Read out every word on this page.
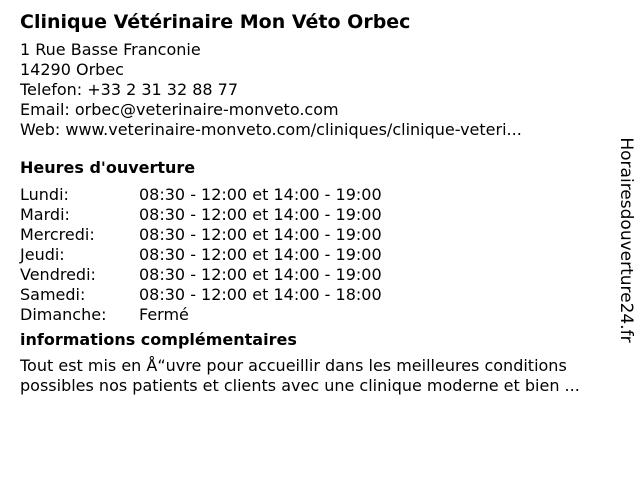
Clinique Vétérinaire Mon Véto Orbec
1 Rue Basse Franconie
14290 Orbec
Telefon: +33 2 31 32 88 77
Email: orbec@veterinaire-monveto.com
Web: www.veterinaire-monveto.com/cliniques/clinique-veteri...
Heures d'ouverture
Lundi:	08:30 - 12:00 et 14:00 - 19:00
Mardi:	08:30 - 12:00 et 14:00 - 19:00
Mercredi:	08:30 - 12:00 et 14:00 - 19:00
Jeudi:	08:30 - 12:00 et 14:00 - 19:00
Vendredi:	08:30 - 12:00 et 14:00 - 19:00
Samedi:	08:30 - 12:00 et 14:00 - 18:00
Dimanche:	Fermé
informations complémentaires

Tout est mis en Å“uvre pour accueillir dans les meilleures conditions

possibles nos patients et clients avec une clinique moderne et bien ...

Horairesdouverture24.fr
